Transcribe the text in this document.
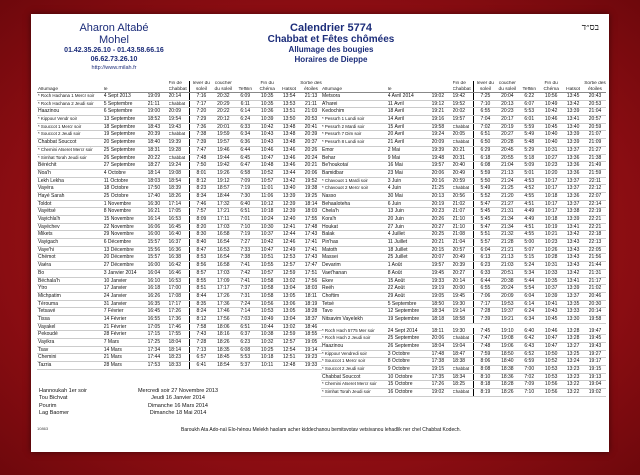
Aharon Altabé
Mohel
01.42.35.26.10 - 01.43.58.66.16
06.62.73.26.10
http://www.milah.fr
Calendrier 5774
Chabbat et Fêtes chômées
Allumage des bougies
Horaires de Dieppe
בס״ד
Allumage	le
Fin de Chabbat
lever du soleil
coucher du soleil	Teffilin
Fin du Chéma	Hatsot
Sortie des étoiles
* Roch Hachana 1 Mercr soir	4 Sept 2013	19:09	20:14	7:16	20:32	6:09	10:35	13:54	21:13
* Roch Hachana 2 Jeudi soir	5 Septembre	21:11	Chabbat	7:17	20:29	6:11	10:35	13:53	21:11
Haazinou	6 Septembre	19:00	20:09	7:20	20:22	6:14	10:36	13:51	21:03
* Kippour Vendr soir	13 Septembre	18:52	19:54	7:29	20:12	6:24	10:39	13:50	20:53
* Souccot 1 Mercr soir	18 Septembre	18:43	19:43	7:36	20:01	6:33	10:42	13:48	20:41
* Souccot 2 Jeudi soir	19 Septembre	20:39	Chabbat	7:38	19:59	6:34	10:43	13:48	20:39
Chabbat Souccot	20 Septembre	18:40	19:39	7:39	19:57	6:36	10:43	13:48	20:37
* Chemini Atseret Mercr soir	25 Septembre	18:31	19:28	7:47	19:46	6:44	10:46	13:46	20:26
* Simhat Torah Jeudi soir	26 Septembre	20:22	Chabbat	7:48	19:44	6:45	10:47	13:46	20:24
Béréchit	27 Septembre	18:27	19:24	7:50	19:42	6:47	10:48	13:46	20:21
Noa'h	4 Octobre	18:14	19:08	8:01	19:26	6:58	10:52	13:44	20:06
Lekh Lekha	11 Octobre	18:03	18:54	8:12	19:12	7:09	10:57	13:42	19:52
Vayéra	18 Octobre	17:50	18:39	8:23	18:57	7:19	11:01	13:40	19:38
Hayé Sarah	25 Octobre	17:40	18:26	8:34	18:44	7:30	11:06	13:39	19:25
Toldot	1 Novembre	16:30	17:14	7:46	17:32	6:40	10:12	12:39	18:14
Vayétsé	8 Novembre	16:21	17:05	7:57	17:21	6:51	10:18	12:39	18:03
Vayichla'h	15 Novembre	16:14	16:53	8:09	17:11	7:01	10:24	12:40	17:55
Vayéchev	22 Novembre	16:06	16:45	8:20	17:03	7:10	10:30	12:41	17:48
Mikets	29 Novembre	16:00	16:40	8:30	16:58	7:19	10:37	12:44	17:43
Vayigach	6 Décembre	15:57	16:37	8:40	16:54	7:27	10:42	12:46	17:41
Vaye'hi	13 Décembre	15:56	16:36	8:47	16:53	7:33	10:47	12:49	17:41
Chémot	20 Décembre	15:57	16:38	8:53	16:54	7:38	10:51	12:53	17:43
Vaéra	27 Décembre	16:00	16:42	8:56	16:58	7:41	10:55	12:57	17:47
Bo	3 Janvier 2014	16:04	16:46	8:57	17:03	7:42	10:57	12:59	17:51
Béchala'h	10 Janvier	16:10	16:53	8:55	17:09	7:41	10:58	13:02	17:56
Ytro	17 Janvier	16:18	17:00	8:51	17:17	7:37	10:58	13:04	18:03
Michpatim	24 Janvier	16:26	17:08	8:44	17:26	7:31	10:58	13:05	18:11
Térouma	31 Janvier	16:35	17:17	8:35	17:36	7:24	10:56	13:06	18:19
Tetsavé	7 Février	16:45	17:26	8:24	17:46	7:14	10:53	13:05	18:28
Tissa	14 Février	16:55	17:36	8:12	17:56	7:03	10:49	13:04	18:37
Vayakel	21 Février	17:05	17:46	7:58	18:06	6:51	10:44	13:02	18:46
Pekoudé	28 Février	17:15	17:55	7:43	18:16	6:37	10:38	12:59	18:55
Vayikra	7 Mars	17:25	18:04	7:28	18:26	6:23	10:32	12:57	19:05
Tsav	14 Mars	17:34	18:14	7:13	18:35	6:08	10:25	12:54	19:14
Chemini	21 Mars	17:44	18:23	6:57	18:45	5:53	10:18	12:51	19:23
Tazria	28 Mars	17:53	18:33	6:41	18:54	5:37	10:11	12:48	19:33
Allumage	le
Fin de Chabbat
lever du soleil
coucher du soleil	Teffilin
Fin du Chéma	Hatsot
Sortie des étoiles
Metsora	4 Avril 2014	19:02	19:42	7:25	20:04	6:22	10:56	13:45	20:43
A'harei	11 Avril	19:12	19:52	7:10	20:13	6:07	10:49	13:42	20:53
Kedochim	18 Avril	19:21	20:02	6:55	20:23	5:53	10:42	13:39	21:04
* Pessa'h 1 Lundi soir	14 Avril	19:16	19:57	7:04	20:17	6:01	10:46	13:41	20:57
* Pessa'h 2 Mardi soir	15 Avril	19:58	Chabbat	7:02	20:19	5:59	10:45	13:40	20:59
* Pessa'h 7 Dim soir	20 Avril	19:24	20:05	6:51	20:27	5:49	10:40	13:39	21:07
* Pessa'h 8 Lundi soir	21 Avril	20:09	Chabbat	6:50	20:28	5:48	10:40	13:39	21:09
Emor	2 Mai	19:39	20:21	6:29	20:45	5:29	10:31	13:37	21:27
Behar	9 Mai	19:48	20:31	6:18	20:55	5:18	10:27	13:36	21:38
Be'houkotaï	16 Mai	19:57	20:40	6:08	21:04	5:09	10:23	13:36	21:49
Bamidbar	23 Mai	20:06	20:49	5:59	21:13	5:01	10:20	13:36	21:59
* Chavouot 1 Mardi soir	3 Juin	20:16	20:59	5:50	21:24	4:53	10:17	13:37	22:11
* Chavouot 2 Mercr soir	4 Juin	21:25	Chabbat	5:49	21:25	4:52	10:17	13:37	22:12
Nasso	30 Mai	20:13	20:56	5:52	21:20	4:55	10:18	13:36	22:07
Behaaloteha	6 Juin	20:19	21:02	5:47	21:27	4:51	10:17	13:37	22:14
Chela'h	13 Juin	20:23	21:07	5:45	21:31	4:49	10:17	13:38	22:19
Kora'h	20 Juin	20:26	21:10	5:45	21:34	4:49	10:18	13:39	22:21
Houkat	27 Juin	20:27	21:10	5:47	21:34	4:51	10:19	13:41	22:21
Balak	4 Juillet	20:25	21:08	5:51	21:32	4:55	10:21	13:42	22:18
Pin'has	11 Juillet	20:21	21:04	5:57	21:28	5:00	10:23	13:43	22:13
Matoth	18 Juillet	20:15	20:57	6:04	21:21	5:07	10:26	13:43	22:05
Massei	25 Juillet	20:07	20:49	6:13	21:13	5:15	10:28	13:43	21:56
Devarim	1 Août	19:57	20:39	6:23	21:03	5:24	10:31	13:43	21:44
Vaet'hanan	8 Août	19:45	20:27	6:33	20:51	5:34	10:33	13:42	21:31
Ekev	15 Août	19:33	20:14	6:44	20:38	5:44	10:35	13:41	21:17
Reéh	22 Août	19:19	20:00	6:55	20:24	5:54	10:37	13:39	21:02
Choftim	29 Août	19:05	19:45	7:06	20:09	6:04	10:39	13:37	20:46
Tetsé	5 Septembre	18:50	19:30	7:17	19:53	6:14	10:41	13:35	20:30
Tavo	12 Septembre	18:34	19:14	7:28	19:37	6:24	10:43	13:33	20:14
Nitsavim Vayelekh	19 Septembre	18:18	18:58	7:39	19:21	6:34	10:45	13:30	19:58
* Roch Hach 5775 Mer soir	24 Sept 2014	18:11	19:30	7:45	19:10	6:40	10:46	13:28	19:47
* Roch Hach 2 Jeudi soir	25 Septembre	20:06	Chabbat	7:47	19:08	6:42	10:47	13:28	19:45
Haazinou	26 Septembre	18:04	19:04	7:48	19:06	6:43	10:47	13:27	19:43
* Kippour Vendredi soir	3 Octobre	17:48	18:47	7:59	18:50	6:52	10:50	13:25	19:27
* Souccot 1 Mercr soir	8 Octobre	17:38	18:38	8:06	18:40	6:59	10:52	13:24	19:17
* Souccot 2 Jeudi soir	9 Octobre	19:15	Chabbat	8:08	18:38	7:00	10:53	13:23	19:15
Chabbat Souccot	10 Octobre	17:35	18:34	8:10	18:36	7:02	10:53	13:23	19:13
* Chemini Atseret Mercr soir	15 Octobre	17:26	18:25	8:18	18:28	7:09	10:56	13:22	19:04
* Simhat Torah Jeudi soir	16 Octobre	19:02	Chabbat	8:19	18:26	7:10	10:56	13:22	19:02
Hannoukah 1er soir	Mercredi soir 27 Novembre 2013
Tou Bichvat	Jeudi 16 Janvier 2014
Pourim	Dimanche 16 Mars 2014
Lag Baomer	Dimanche 18 Mai 2014
Baroukh Ata Ado-naï Elo-hénou Melekh haolam acher kiddechanou bemitsvotav vetsivanou lehadlik ner chel Chabbat Kodech.
10863
